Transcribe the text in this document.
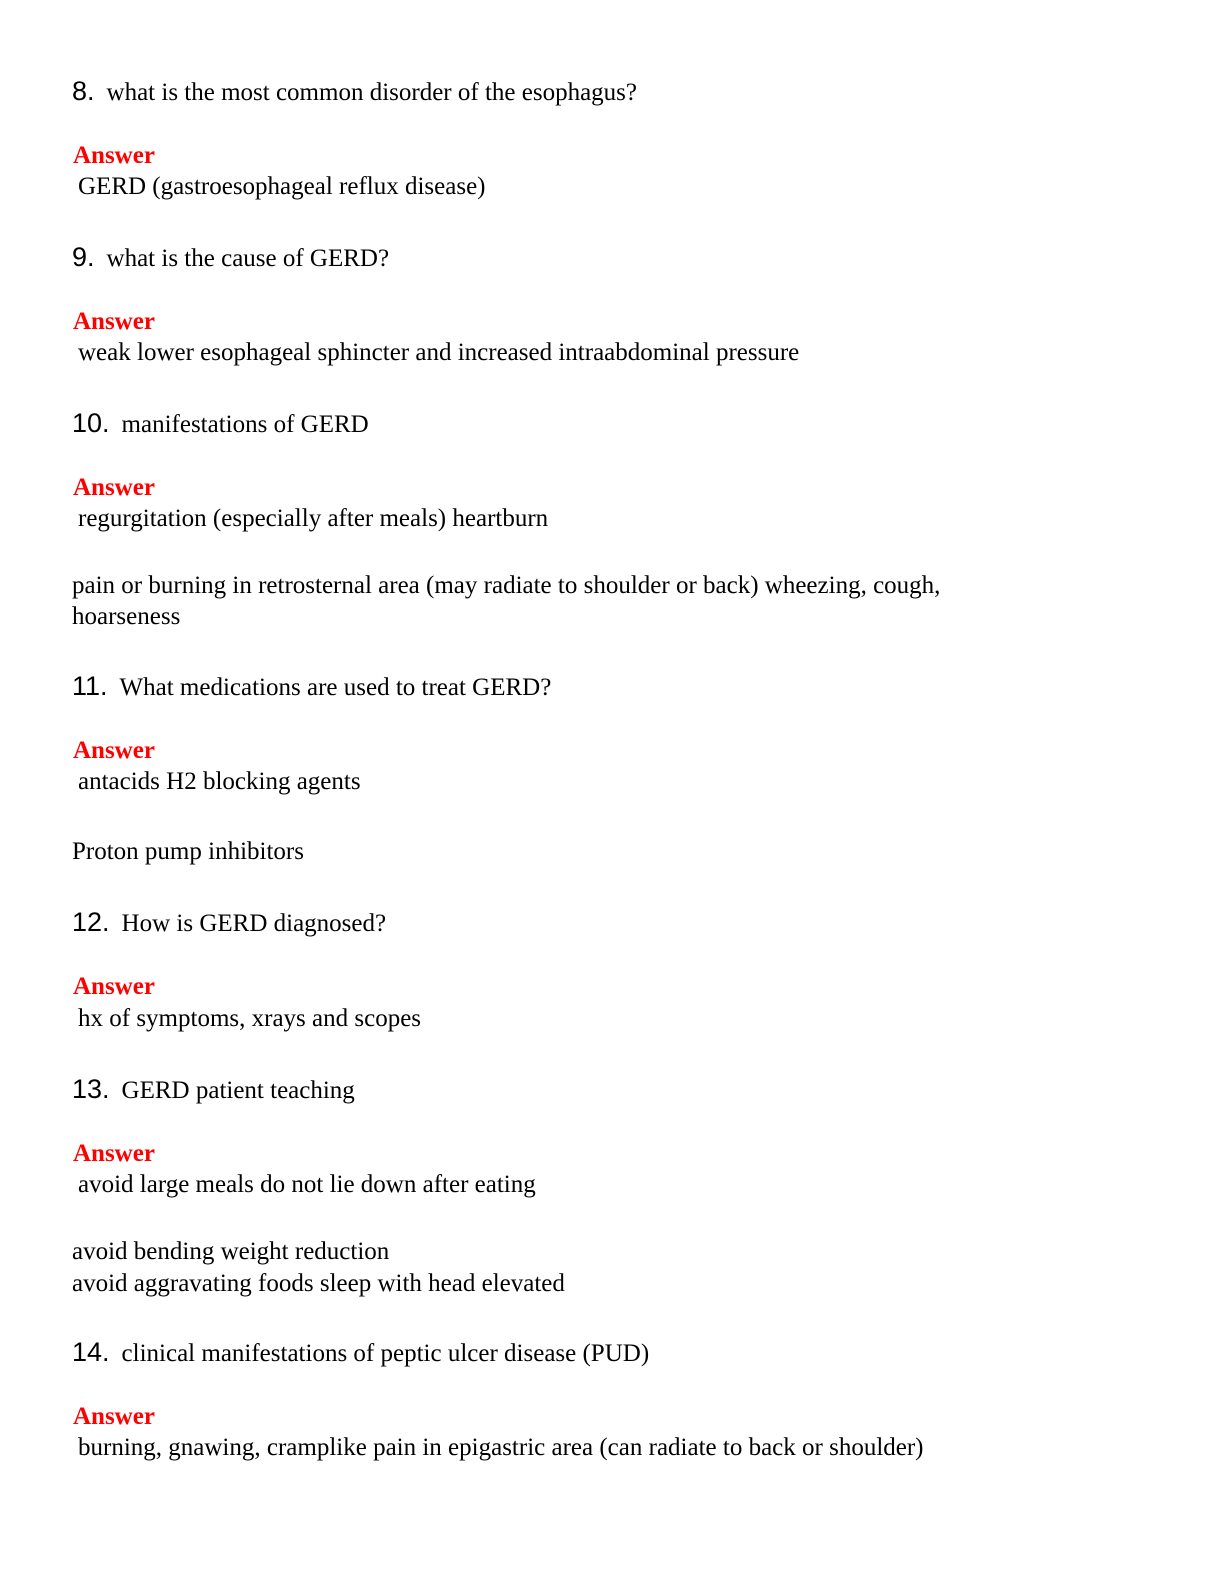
8. what is the most common disorder of the esophagus?
Answer
GERD (gastroesophageal reflux disease)
9. what is the cause of GERD?
Answer
weak lower esophageal sphincter and increased intraabdominal pressure
10. manifestations of GERD
Answer
regurgitation (especially after meals) heartburn
pain or burning in retrosternal area (may radiate to shoulder or back) wheezing, cough, hoarseness
11. What medications are used to treat GERD?
Answer
antacids H2 blocking agents
Proton pump inhibitors
12. How is GERD diagnosed?
Answer
hx of symptoms, xrays and scopes
13. GERD patient teaching
Answer
avoid large meals do not lie down after eating
avoid bending weight reduction
avoid aggravating foods sleep with head elevated
14. clinical manifestations of peptic ulcer disease (PUD)
Answer
burning, gnawing, cramplike pain in epigastric area (can radiate to back or shoulder)
